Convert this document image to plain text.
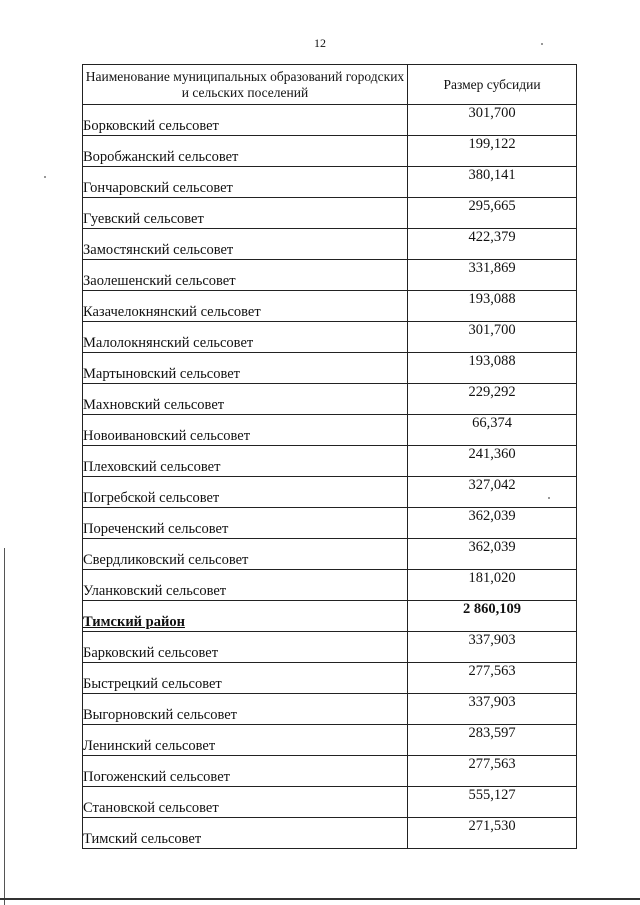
12
Наименование муниципальных образований городских и сельских поселений	Размер субсидии
Борковский сельсовет	301,700
Воробжанский сельсовет	199,122
Гончаровский сельсовет	380,141
Гуевский сельсовет	295,665
Замостянский сельсовет	422,379
Заолешенский сельсовет	331,869
Казачелокнянский сельсовет	193,088
Малолокнянский сельсовет	301,700
Мартыновский сельсовет	193,088
Махновский сельсовет	229,292
Новоивановский сельсовет	66,374
Плеховский сельсовет	241,360
Погребской сельсовет	327,042
Пореченский сельсовет	362,039
Свердликовский сельсовет	362,039
Уланковский сельсовет	181,020
Тимский район	2 860,109
Барковский сельсовет	337,903
Быстрецкий сельсовет	277,563
Выгорновский сельсовет	337,903
Ленинский сельсовет	283,597
Погоженский сельсовет	277,563
Становской сельсовет	555,127
Тимский сельсовет	271,530
